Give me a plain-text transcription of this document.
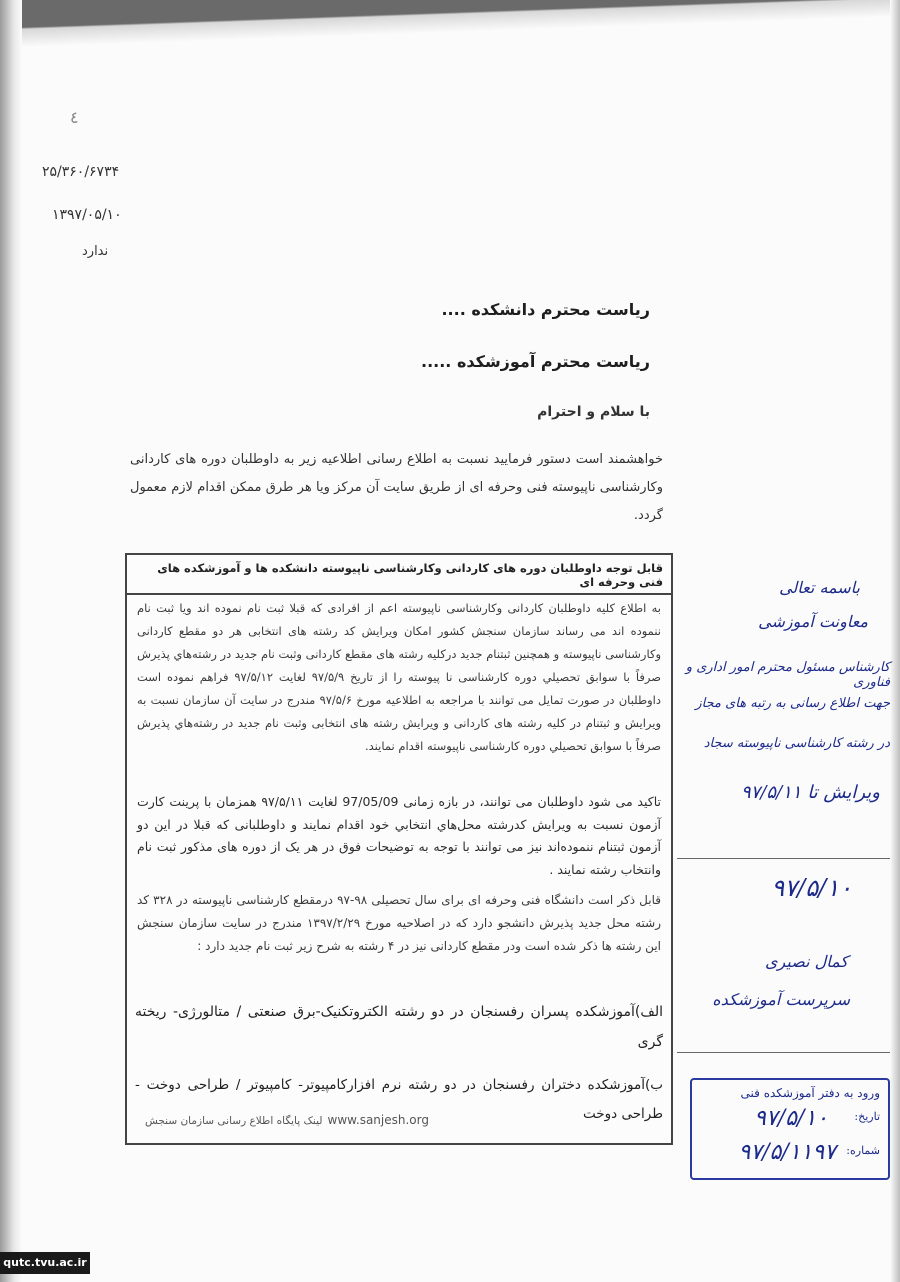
٤
۲۵/۳۶۰/۶۷۳۴
۱۳۹۷/۰۵/۱۰
ندارد
ریاست محترم دانشکده ....
ریاست محترم آموزشکده .....
با سلام و احترام
خواهشمند است دستور فرمایید نسبت به اطلاع رسانی اطلاعیه زیر به داوطلبان دوره های کاردانی وکارشناسی ناپیوسته فنی وحرفه ای از طریق سایت آن مرکز ویا هر طرق ممکن اقدام لازم معمول گردد.
قابل توجه داوطلبان دوره های کاردانی وکارشناسی ناپیوسته دانشکده ها و آموزشکده های فنی وحرفه ای

به اطلاع کلیه داوطلبان کاردانی وکارشناسی ناپیوسته اعم از افرادی که قبلا ثبت نام نموده اند ویا ثبت نام ننموده اند می رساند سازمان سنجش کشور امکان ویرایش کد رشته های انتخابی هر دو مقطع کاردانی وکارشناسی ناپیوسته و همچنین ثبتنام جدید درکلیه رشته های مقطع کاردانی وثبت نام جدید در رشته‌هاي پذيرش صرفاً با سوابق تحصيلي دوره کارشناسی نا پیوسته را از تاریخ ۹۷/۵/۹ لغایت ۹۷/۵/۱۲ فراهم نموده است داوطلبان در صورت تمایل می توانند با مراجعه به اطلاعیه مورخ ۹۷/۵/۶ مندرج در سایت آن سازمان نسبت به ویرایش و ثبتنام در کلیه رشته های کاردانی و ویرایش رشته های انتخابی وثبت نام جدید در رشته‌هاي پذيرش صرفاً با سوابق تحصيلي دوره کارشناسی ناپیوسته اقدام نمایند.

تاکید می شود داوطلبان می توانند، در بازه زمانی 97/05/09 لغایت ۹۷/۵/۱۱ همزمان با پرینت کارت آزمون نسبت به ویرایش کدرشته محل‌هاي انتخابي خود اقدام نمایند و داوطلبانی که قبلا در این دو آزمون ثبتنام ننموده‌اند نیز می توانند با توجه به توضیحات فوق در هر یک از دوره های مذکور ثبت نام وانتخاب رشته نمایند .

قابل ذکر است دانشگاه فنی وحرفه ای برای سال تحصیلی ۹۸-۹۷ درمقطع کارشناسی ناپیوسته در ۳۲۸ کد رشته محل جدید پذیرش دانشجو دارد که در اصلاحیه مورخ ۱۳۹۷/۲/۲۹ مندرج در سایت سازمان سنجش این رشته ها ذکر شده است ودر مقطع کاردانی نیز در ۴ رشته به شرح زیر ثبت نام جدید دارد :

الف)آموزشکده پسران رفسنجان در دو رشته الکتروتکنیک-برق صنعتی / متالورژی- ریخته گری

ب)آموزشکده دختران رفسنجان در دو رشته نرم افزارکامپیوتر- کامپیوتر / طراحی دوخت - طراحی دوخت

www.sanjesh.org لینک پایگاه اطلاع رسانی سازمان سنجش
باسمه تعالی
معاونت آموزشی
کارشناس مسئول محترم امور اداری و فناوری
جهت اطلاع رسانی به رتبه های مجاز
در رشته کارشناسی ناپیوسته سجاد
ویرایش تا ۹۷/۵/۱۱
۹۷/۵/۱۰
کمال نصیری
سرپرست آموزشکده
ورود به دفتر آموزشکده فنی
تاریخ:
۹۷/۵/۱۰
شماره:
۹۷/۵/۱۱۹۷
qutc.tvu.ac.ir
